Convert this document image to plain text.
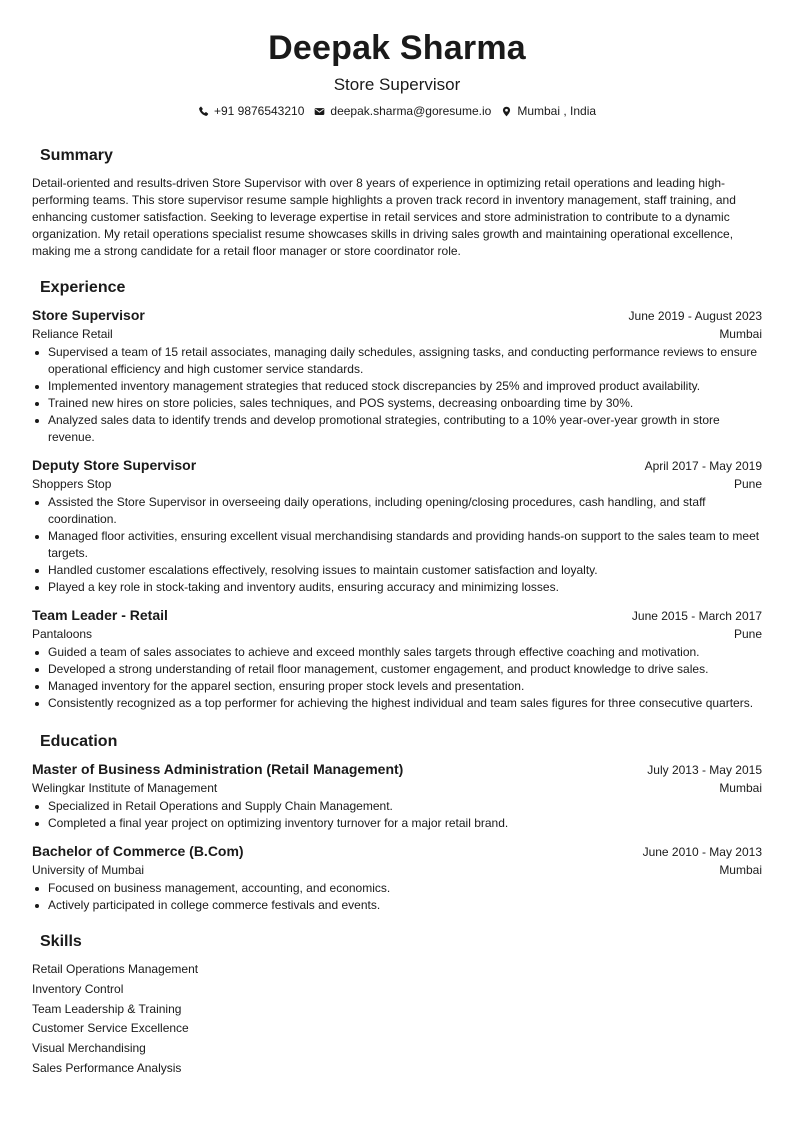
Deepak Sharma
Store Supervisor
+91 9876543210 deepak.sharma@goresume.io Mumbai , India
Summary
Detail-oriented and results-driven Store Supervisor with over 8 years of experience in optimizing retail operations and leading high-performing teams. This store supervisor resume sample highlights a proven track record in inventory management, staff training, and enhancing customer satisfaction. Seeking to leverage expertise in retail services and store administration to contribute to a dynamic organization. My retail operations specialist resume showcases skills in driving sales growth and maintaining operational excellence, making me a strong candidate for a retail floor manager or store coordinator role.
Experience
Store Supervisor	June 2019 - August 2023
Reliance Retail	Mumbai
Supervised a team of 15 retail associates, managing daily schedules, assigning tasks, and conducting performance reviews to ensure operational efficiency and high customer service standards.
Implemented inventory management strategies that reduced stock discrepancies by 25% and improved product availability.
Trained new hires on store policies, sales techniques, and POS systems, decreasing onboarding time by 30%.
Analyzed sales data to identify trends and develop promotional strategies, contributing to a 10% year-over-year growth in store revenue.
Deputy Store Supervisor	April 2017 - May 2019
Shoppers Stop	Pune
Assisted the Store Supervisor in overseeing daily operations, including opening/closing procedures, cash handling, and staff coordination.
Managed floor activities, ensuring excellent visual merchandising standards and providing hands-on support to the sales team to meet targets.
Handled customer escalations effectively, resolving issues to maintain customer satisfaction and loyalty.
Played a key role in stock-taking and inventory audits, ensuring accuracy and minimizing losses.
Team Leader - Retail	June 2015 - March 2017
Pantaloons	Pune
Guided a team of sales associates to achieve and exceed monthly sales targets through effective coaching and motivation.
Developed a strong understanding of retail floor management, customer engagement, and product knowledge to drive sales.
Managed inventory for the apparel section, ensuring proper stock levels and presentation.
Consistently recognized as a top performer for achieving the highest individual and team sales figures for three consecutive quarters.
Education
Master of Business Administration (Retail Management)	July 2013 - May 2015
Welingkar Institute of Management	Mumbai
Specialized in Retail Operations and Supply Chain Management.
Completed a final year project on optimizing inventory turnover for a major retail brand.
Bachelor of Commerce (B.Com)	June 2010 - May 2013
University of Mumbai	Mumbai
Focused on business management, accounting, and economics.
Actively participated in college commerce festivals and events.
Skills
Retail Operations Management
Inventory Control
Team Leadership & Training
Customer Service Excellence
Visual Merchandising
Sales Performance Analysis
